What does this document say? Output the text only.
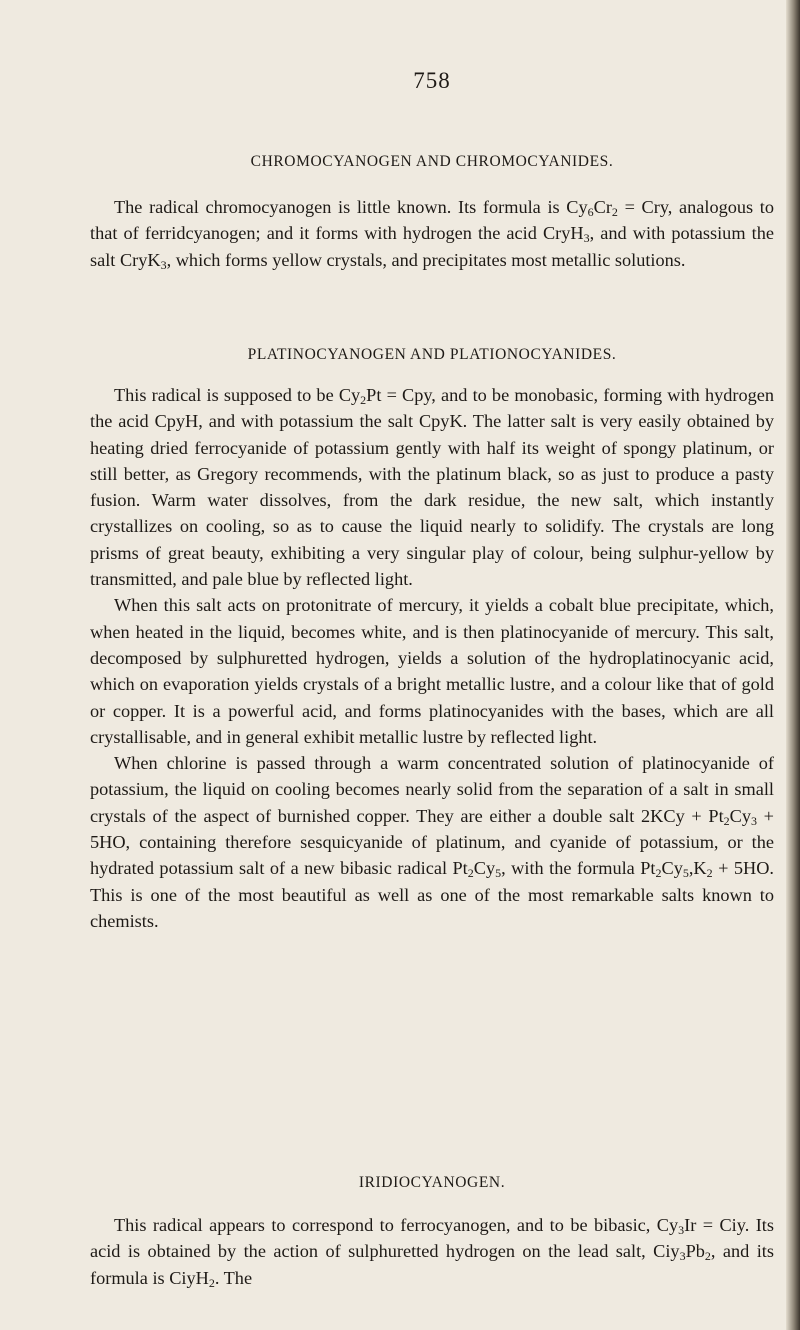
758
CHROMOCYANOGEN AND CHROMOCYANIDES.

The radical chromocyanogen is little known. Its formula is $Cy_6Cr_2$ = Cry, analogous to that of ferridcyanogen; and it forms with hydrogen the acid CryH$_3$, and with potassium the salt CryK$_3$, which forms yellow crystals, and precipitates most metallic solutions.

PLATINOCYANOGEN AND PLATIONOCYANIDES.

This radical is supposed to be $Cy_2Pt$ = Cpy, and to be monobasic, forming with hydrogen the acid CpyH, and with potassium the salt CpyK. The latter salt is very easily obtained by heating dried ferrocyanide of potassium gently with half its weight of spongy platinum, or still better, as Gregory recommends, with the platinum black, so as just to produce a pasty fusion. Warm water dissolves, from the dark residue, the new salt, which instantly crystallizes on cooling, so as to cause the liquid nearly to solidify. The crystals are long prisms of great beauty, exhibiting a very singular play of colour, being sulphur-yellow by transmitted, and pale blue by reflected light.

When this salt acts on protonitrate of mercury, it yields a cobalt blue precipitate, which, when heated in the liquid, becomes white, and is then platinocyanide of mercury. This salt, decomposed by sulphuretted hydrogen, yields a solution of the hydroplatinocyanic acid, which on evaporation yields crystals of a bright metallic lustre, and a colour like that of gold or copper. It is a powerful acid, and forms platinocyanides with the bases, which are all crystallisable, and in general exhibit metallic lustre by reflected light.

When chlorine is passed through a warm concentrated solution of platinocyanide of potassium, the liquid on cooling becomes nearly solid from the separation of a salt in small crystals of the aspect of burnished copper. They are either a double salt $2KCy + Pt_2Cy_3 + 5HO$, containing therefore sesquicyanide of platinum, and cyanide of potassium, or the hydrated potassium salt of a new bibasic radical $Pt_2Cy_5$, with the formula $Pt_2Cy_5,K_2 + 5HO$. This is one of the most beautiful as well as one of the most remarkable salts known to chemists.

IRIDIOCYANOGEN.

This radical appears to correspond to ferrocyanogen, and to be bibasic, $Cy_3Ir$ = Ciy. Its acid is obtained by the action of sulphuretted hydrogen on the lead salt, $Ciy_3Pb_2$, and its formula is CiyH$_2$. The
